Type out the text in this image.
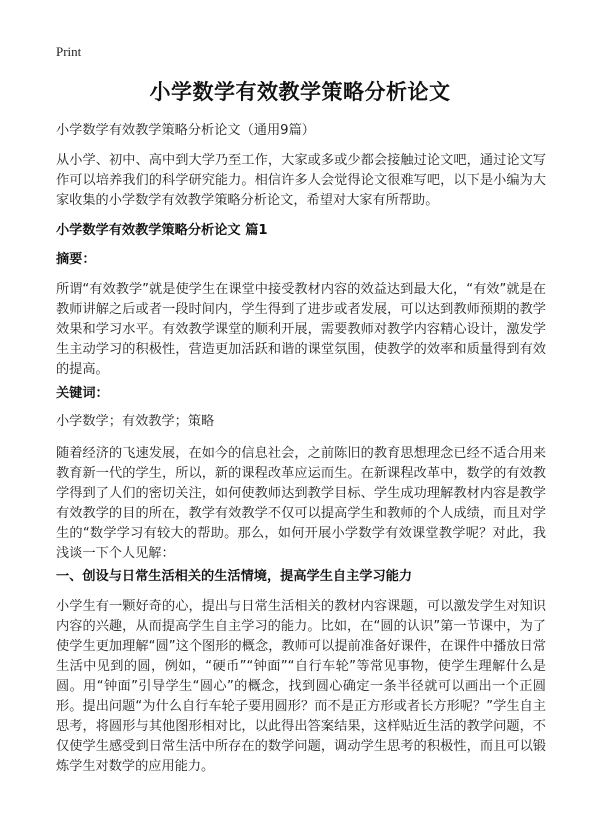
Print
小学数学有效教学策略分析论文

小学数学有效教学策略分析论文（通用9篇）

从小学、初中、高中到大学乃至工作，大家或多或少都会接触过论文吧，通过论文写作可以培养我们的科学研究能力。相信许多人会觉得论文很难写吧，以下是小编为大家收集的小学数学有效教学策略分析论文，希望对大家有所帮助。

小学数学有效教学策略分析论文 篇1

摘要：

所谓“有效教学”就是使学生在课堂中接受教材内容的效益达到最大化，“有效”就是在教师讲解之后或者一段时间内，学生得到了进步或者发展，可以达到教师预期的教学效果和学习水平。有效教学课堂的顺利开展，需要教师对教学内容精心设计，激发学生主动学习的积极性，营造更加活跃和谐的课堂氛围，使教学的效率和质量得到有效的提高。

关键词：

小学数学；有效教学；策略

随着经济的飞速发展，在如今的信息社会，之前陈旧的教育思想理念已经不适合用来教育新一代的学生，所以，新的课程改革应运而生。在新课程改革中，数学的有效教学得到了人们的密切关注，如何使教师达到教学目标、学生成功理解教材内容是教学有效教学的目的所在，教学有效教学不仅可以提高学生和教师的个人成绩，而且对学生的“数学学习有较大的帮助。那么，如何开展小学数学有效课堂教学呢？对此，我浅谈一下个人见解：

一、创设与日常生活相关的生活情境，提高学生自主学习能力

小学生有一颗好奇的心，提出与日常生活相关的教材内容课题，可以激发学生对知识内容的兴趣，从而提高学生自主学习的能力。比如，在“圆的认识”第一节课中，为了使学生更加理解“圆”这个图形的概念，教师可以提前准备好课件，在课件中播放日常生活中见到的圆，例如，“硬币”“钟面”“自行车轮”等常见事物，使学生理解什么是圆。用“钟面”引导学生“圆心”的概念，找到圆心确定一条半径就可以画出一个正圆形。提出问题“为什么自行车轮子要用圆形？而不是正方形或者长方形呢？”学生自主思考，将圆形与其他图形相对比，以此得出答案结果，这样贴近生活的教学问题，不仅使学生感受到日常生活中所存在的数学问题，调动学生思考的积极性，而且可以锻炼学生对数学的应用能力。
